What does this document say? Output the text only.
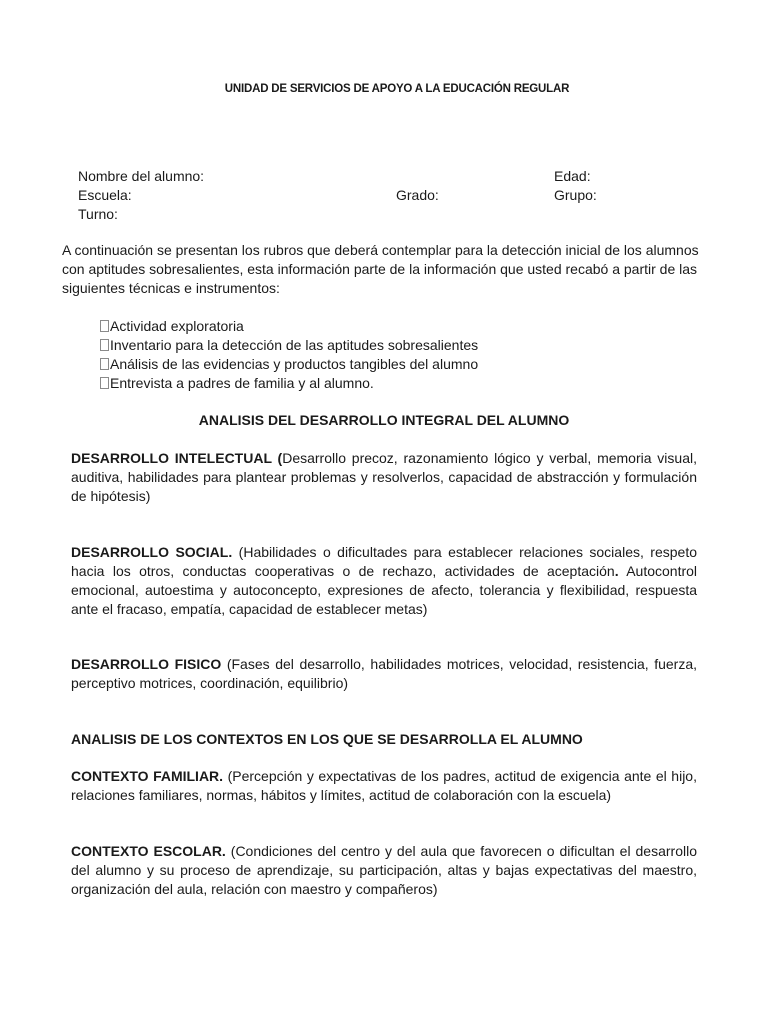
UNIDAD DE SERVICIOS DE APOYO A LA EDUCACIÓN REGULAR
Nombre del alumno:	Edad:
Escuela:	Grado:	Grupo:
Turno:
A continuación se presentan los rubros que deberá contemplar para la detección inicial de los alumnos con aptitudes sobresalientes, esta información parte de la información que usted recabó a partir de las siguientes técnicas e instrumentos:
Actividad exploratoria
Inventario para la detección de las aptitudes sobresalientes
Análisis de las evidencias y productos tangibles del alumno
Entrevista a padres de familia y al alumno.
ANALISIS DEL DESARROLLO INTEGRAL DEL ALUMNO
DESARROLLO INTELECTUAL (Desarrollo precoz, razonamiento lógico y verbal, memoria visual, auditiva, habilidades para plantear problemas y resolverlos, capacidad de abstracción y formulación de hipótesis)
DESARROLLO SOCIAL. (Habilidades o dificultades para establecer relaciones sociales, respeto hacia los otros, conductas cooperativas o de rechazo, actividades de aceptación. Autocontrol emocional, autoestima y autoconcepto, expresiones de afecto, tolerancia y flexibilidad, respuesta ante el fracaso, empatía, capacidad de establecer metas)
DESARROLLO FISICO (Fases del desarrollo, habilidades motrices, velocidad, resistencia, fuerza, perceptivo motrices, coordinación, equilibrio)
ANALISIS DE LOS CONTEXTOS EN LOS QUE SE DESARROLLA EL ALUMNO
CONTEXTO FAMILIAR. (Percepción y expectativas de los padres, actitud de exigencia ante el hijo, relaciones familiares, normas, hábitos y límites, actitud de colaboración con la escuela)
CONTEXTO ESCOLAR. (Condiciones del centro y del aula que favorecen o dificultan el desarrollo del alumno y su proceso de aprendizaje, su participación, altas y bajas expectativas del maestro, organización del aula, relación con maestro y compañeros)
